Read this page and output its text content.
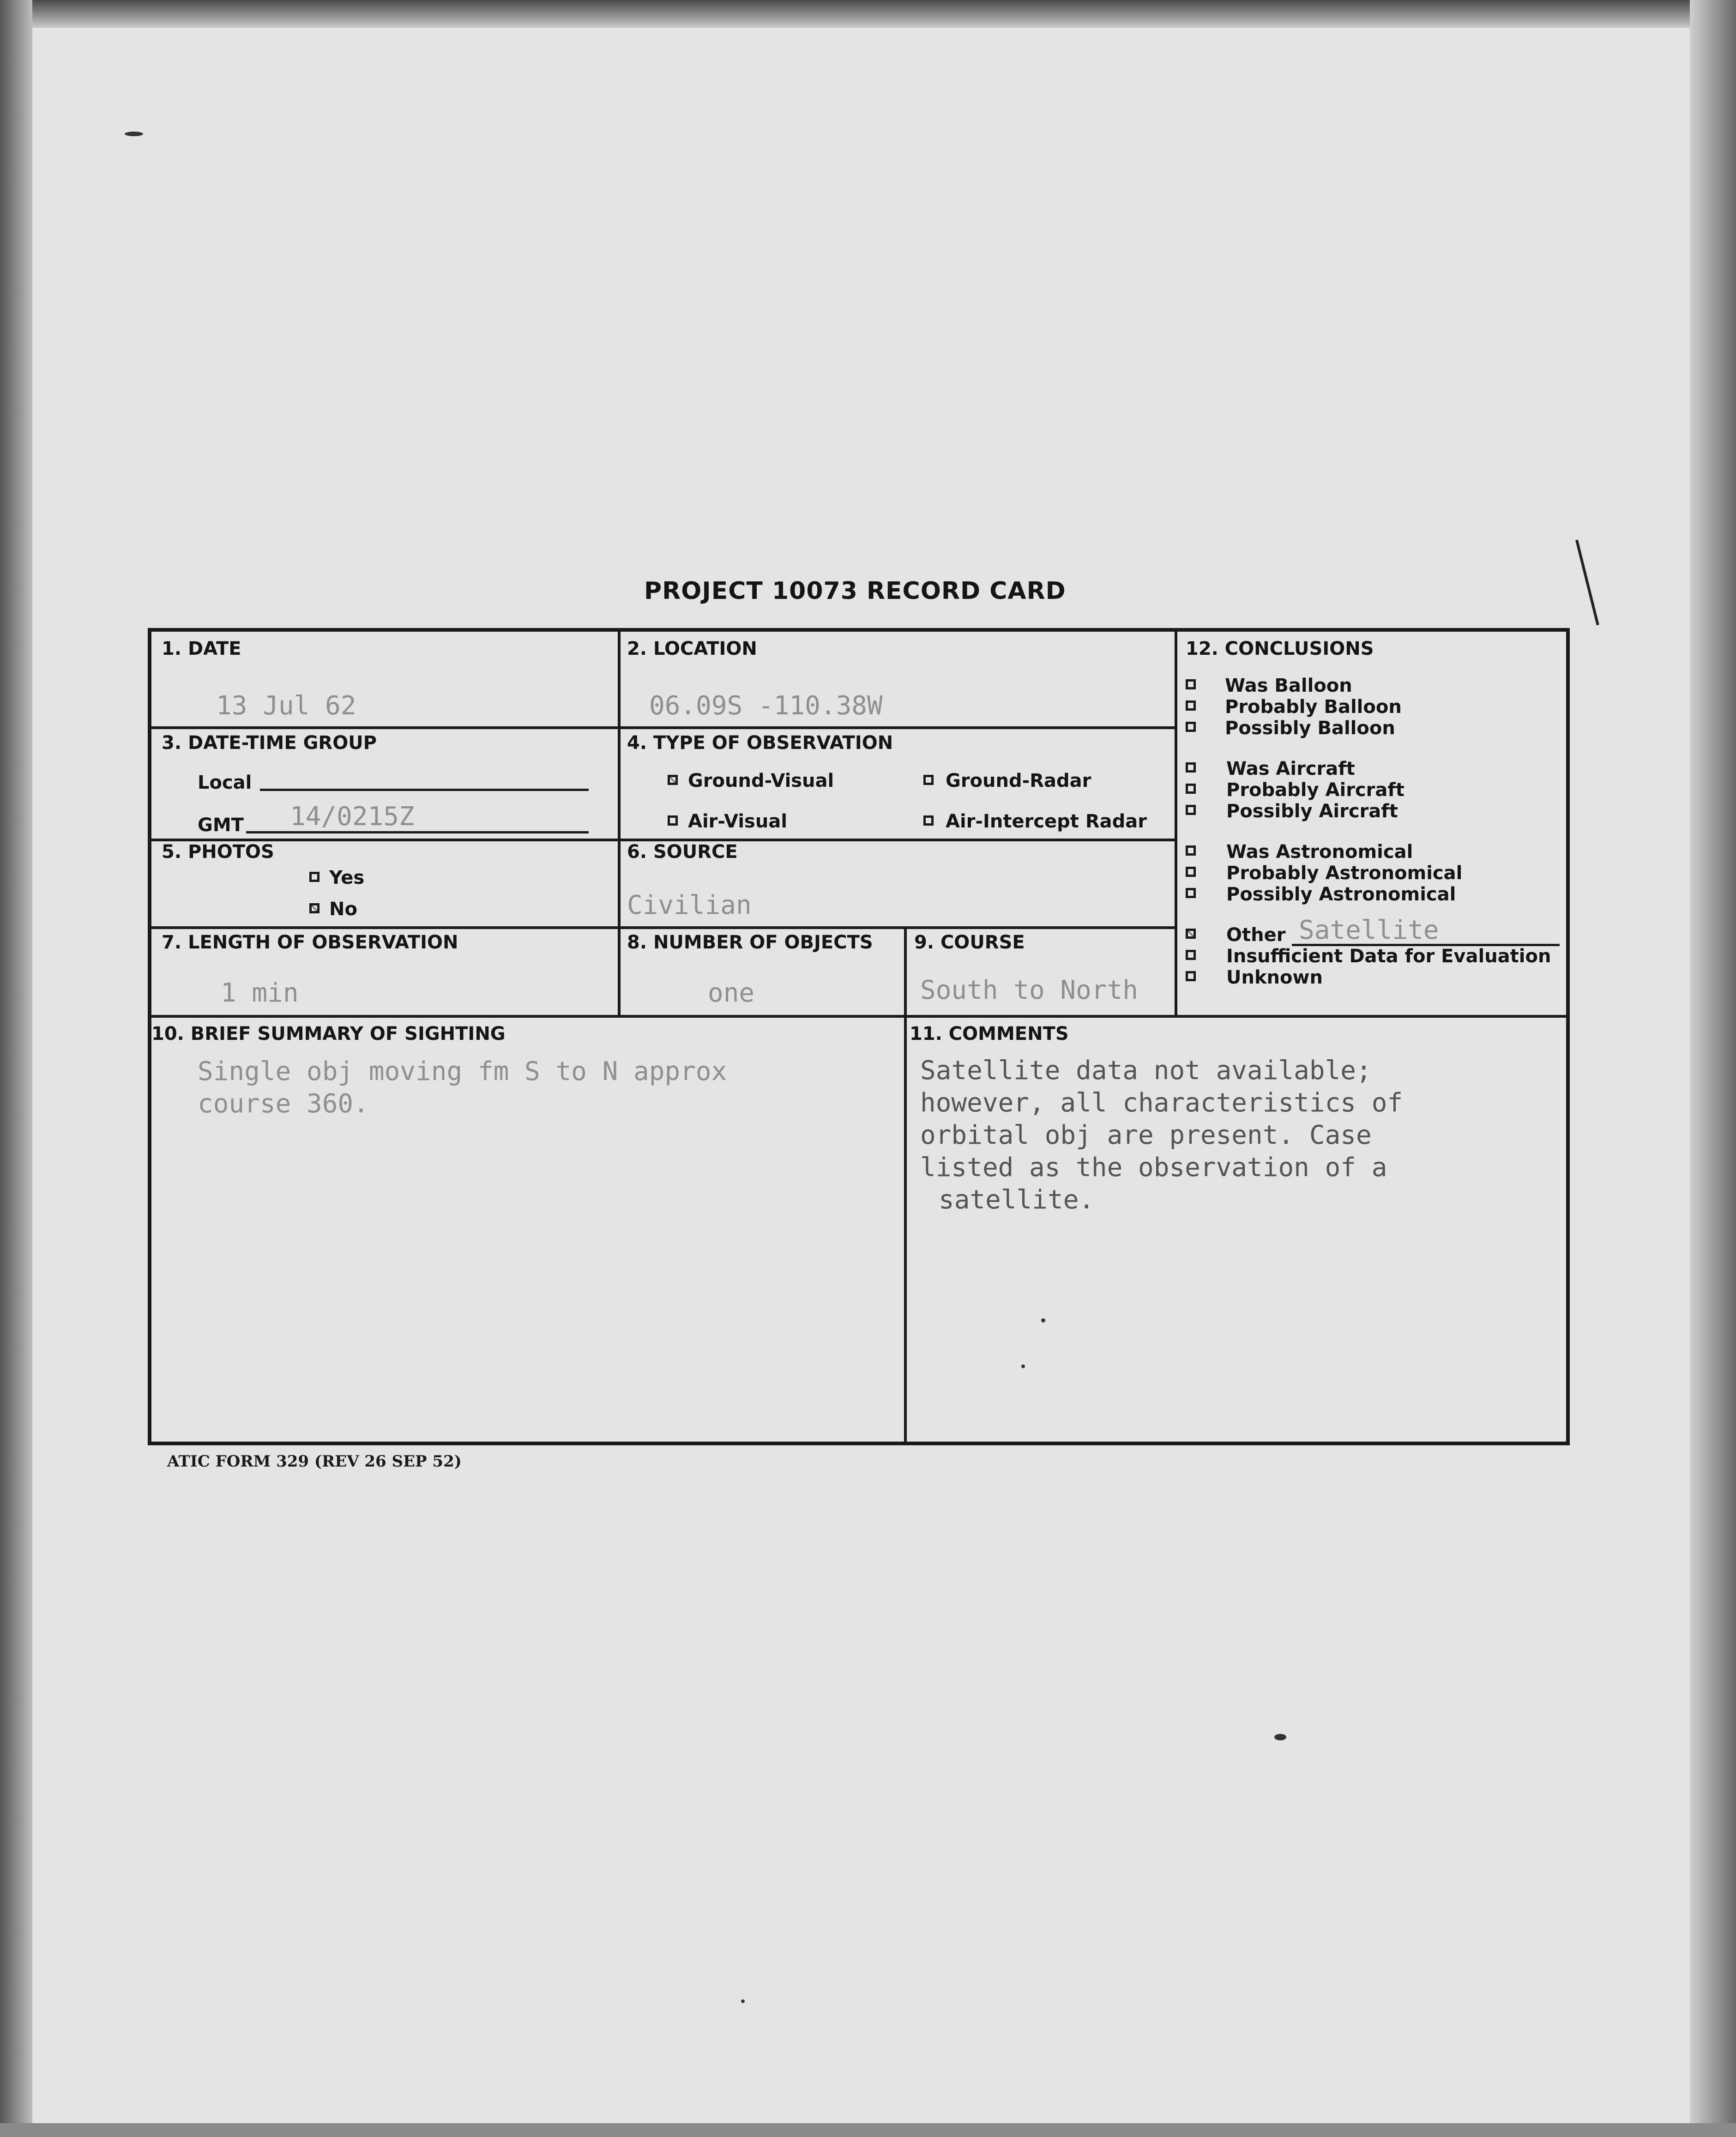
PROJECT 10073 RECORD CARD
1. DATE
13 Jul 62
2. LOCATION
06.09S -110.38W
3. DATE-TIME GROUP
Local
GMT 14/0215Z
4. TYPE OF OBSERVATION
Ground-Visual	Ground-Radar
Air-Visual	Air-Intercept Radar
5. PHOTOS
Yes
No
6. SOURCE
Civilian
7. LENGTH OF OBSERVATION
1 min
8. NUMBER OF OBJECTS
one
9. COURSE
South to North
10. BRIEF SUMMARY OF SIGHTING
Single obj moving fm S to N approx
course 360.
11. COMMENTS
Satellite data not available;
however, all characteristics of
orbital obj are present. Case
listed as the observation of a
satellite.
12. CONCLUSIONS
Was Balloon
Probably Balloon
Possibly Balloon
Was Aircraft
Probably Aircraft
Possibly Aircraft
Was Astronomical
Probably Astronomical
Possibly Astronomical
Other Satellite
Insufficient Data for Evaluation
Unknown
ATIC FORM 329 (REV 26 SEP 52)
